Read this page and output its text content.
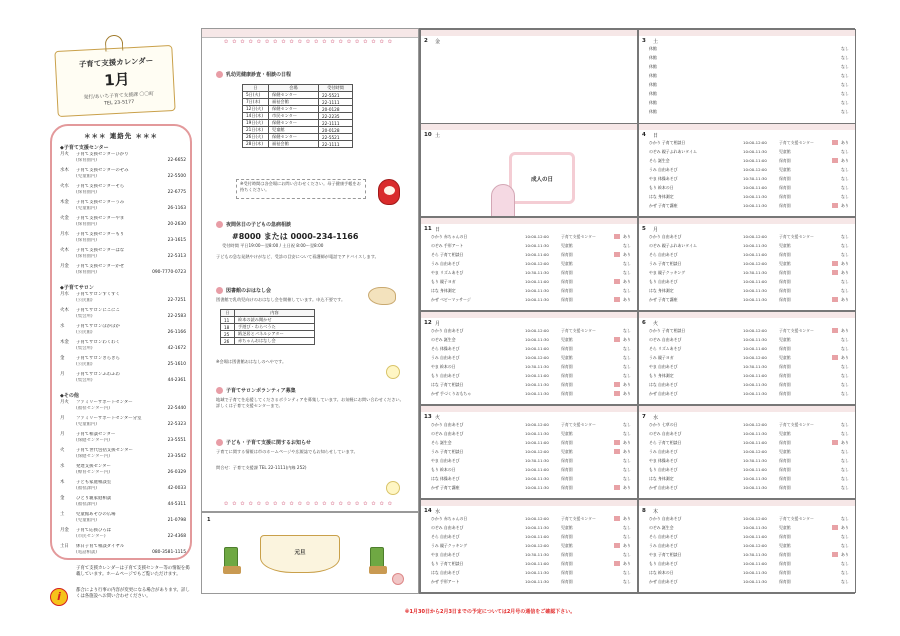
子育て支援カレンダー
1月
発行/あいち子育て支援課 〇〇町
TEL 23-5177
＊＊＊ 連絡先 ＊＊＊
◆子育て支援センター
月火	子育て支援センターひかり
(保育園内)	22-6652
水木	子育て支援センターのぞみ
(児童館内)	22-5500
火水	子育て支援センターそら
(保育園内)	22-6775
木金	子育て支援センターうみ
(児童館内)	26-1163
火金	子育て支援センターやま
(保育園内)	20-2630
月水	子育て支援センターもり
(保育園内)	23-1615
火木	子育て支援センターはな
(保育園内)	22-5313
月金	子育て支援センターかぜ
(保育園内)	090-7770-0723
◆子育てサロン
月水	子育てサロンすくすく
(公民館)	22-7251
火木	子育てサロンにこにこ
(集会所)	22-2583
水	子育てサロンぽかぽか
(公民館)	26-1166
木金	子育てサロンわくわく
(集会所)	42-1672
金	子育てサロンきらきら
(公民館)	25-1610
月	子育てサロンふわふわ
(集会所)	44-2361
◆その他
月火	ファミリーサポートセンター
(福祉センター内)	22-5440
月	ファミリーサポートセンター分室
(児童館内)	22-5323
月	子育て相談センター
(保健センター内)	23-5551
火	子育て世代包括支援センター
(保健センター内)	23-3542
水	発達支援センター
(療育センター内)	26-0329
木	子ども家庭相談室
(福祉課内)	42-0033
金	ひとり親家庭相談
(福祉課内)	44-5311
土	児童館あそびの広場
(児童館内)	21-0798
月金	子育て応援ひろば
(市民センター)	22-4368
土日	休日子育て相談ダイヤル
(電話相談)	080-3581-1115
子育て支援カレンダーは子育て支援センター等の情報を掲載しています。ホームページでもご覧いただけます。
i	都合により行事の内容が変更になる場合があります。詳しくは各施設へお問い合わせください。
✿✿✿✿✿✿✿✿✿✿✿✿✿✿✿✿✿✿✿✿✿
乳幼児健康診査・相談の日程
日	会場	受付時間
5日(火)	保健センター	22-5521
7日(木)	福祉会館	22-1111
12日(火)	保健センター	20-0128
14日(木)	市民センター	22-2235
19日(火)	保健センター	22-1111
21日(木)	児童館	20-0128
26日(火)	保健センター	22-5521
28日(木)	福祉会館	22-1111
※受付時間は各会場にお問い合わせください。母子健康手帳をお持ちください。
夜間休日の子どもの急病相談
#8000 または 0000-234-1166
受付時間 平日19:00〜翌8:00 / 土日祝 8:00〜翌8:00
子どもの急な発熱やけがなど、受診の目安について看護師が電話でアドバイスします。
図書館のおはなし会
図書館で乳幼児向けのおはなし会を開催しています。申込不要です。
日	内容
11	絵本の読み聞かせ
18	手遊び・わらべうた
25	紙芝居とパネルシアター
26	赤ちゃんおはなし会
※会場は図書館おはなしのへやです。
子育てサロンボランティア募集
地域で子育てを応援してくださるボランティアを募集しています。お気軽にお問い合わせください。詳しくは子育て支援センターまで。
子ども・子育て支援に関するお知らせ
子育てに関する情報は市のホームページや広報誌でもお知らせしています。
問合せ：子育て支援課 TEL 22-1111(内線 252)
✿✿✿✿✿✿✿✿✿✿✿✿✿✿✿✿✿✿✿✿✿
1
元旦
2 金	3 土
休館	なし
休館	なし
休館	なし
休館	なし
休館	なし
休館	なし
休館	なし
休館	なし
10 土
成人の日
4 日
ひかり 子育て相談日	10:00-12:00	子育て支援センター	あり
のぞみ 親子ふれあいタイム	10:00-11:30	児童館	なし
そら 誕生会	10:00-11:00	保育園	あり
うみ 自由あそび	10:00-12:00	児童館	なし
やま 体操あそび	10:30-11:30	保育園	なし
もり 絵本の日	10:00-11:00	保育園	なし
はな 身体測定	10:00-11:30	保育園	なし
かぜ 子育て講座	10:00-11:30	保育園	あり
11 日
ひかり 赤ちゃんの日	10:00-12:00	子育て支援センター	あり
のぞみ 手形アート	10:00-11:30	児童館	なし
そら 子育て相談日	10:00-11:00	保育園	あり
うみ 自由あそび	10:00-12:00	児童館	なし
やま リズムあそび	10:30-11:30	保育園	なし
もり 親子ヨガ	10:00-11:00	保育園	あり
はな 身体測定	10:00-11:30	保育園	なし
かぜ ベビーマッサージ	10:00-11:30	保育園	あり
5 月
ひかり 自由あそび	10:00-12:00	子育て支援センター	なし
のぞみ 親子ふれあいタイム	10:00-11:30	児童館	なし
そら 自由あそび	10:00-11:00	保育園	なし
うみ 子育て相談日	10:00-12:00	児童館	あり
やま 親子クッキング	10:30-11:30	保育園	あり
もり 自由あそび	10:00-11:00	保育園	なし
はな 身体測定	10:00-11:30	保育園	なし
かぜ 子育て講座	10:00-11:30	保育園	あり
12 月
ひかり 自由あそび	10:00-12:00	子育て支援センター	なし
のぞみ 誕生会	10:00-11:30	児童館	あり
そら 体操あそび	10:00-11:00	保育園	なし
うみ 自由あそび	10:00-12:00	児童館	なし
やま 絵本の日	10:30-11:30	保育園	なし
もり 自由あそび	10:00-11:00	保育園	なし
はな 子育て相談日	10:00-11:30	保育園	あり
かぜ 手づくりおもちゃ	10:00-11:30	保育園	あり
6 火
ひかり 子育て相談日	10:00-12:00	子育て支援センター	あり
のぞみ 自由あそび	10:00-11:30	児童館	なし
そら リズムあそび	10:00-11:00	保育園	なし
うみ 親子ヨガ	10:00-12:00	児童館	あり
やま 自由あそび	10:30-11:30	保育園	なし
もり 身体測定	10:00-11:00	保育園	なし
はな 自由あそび	10:00-11:30	保育園	なし
かぜ 自由あそび	10:00-11:30	保育園	なし
13 火
ひかり 自由あそび	10:00-12:00	子育て支援センター	なし
のぞみ 自由あそび	10:00-11:30	児童館	なし
そら 誕生会	10:00-11:00	保育園	あり
うみ 子育て相談日	10:00-12:00	児童館	あり
やま 自由あそび	10:30-11:30	保育園	なし
もり 絵本の日	10:00-11:00	保育園	なし
はな 体操あそび	10:00-11:30	保育園	なし
かぜ 子育て講座	10:00-11:30	保育園	あり
7 水
ひかり 七草の日	10:00-12:00	子育て支援センター	なし
のぞみ 自由あそび	10:00-11:30	児童館	なし
そら 子育て相談日	10:00-11:00	保育園	あり
うみ 自由あそび	10:00-12:00	児童館	なし
やま 体操あそび	10:30-11:30	保育園	なし
もり 自由あそび	10:00-11:00	保育園	なし
はな 身体測定	10:00-11:30	保育園	なし
かぜ 自由あそび	10:00-11:30	保育園	なし
14 水
ひかり 赤ちゃんの日	10:00-12:00	子育て支援センター	あり
のぞみ 自由あそび	10:00-11:30	児童館	なし
そら 自由あそび	10:00-11:00	保育園	なし
うみ 親子クッキング	10:00-12:00	児童館	あり
やま 自由あそび	10:30-11:30	保育園	なし
もり 子育て相談日	10:00-11:00	保育園	あり
はな 自由あそび	10:00-11:30	保育園	なし
かぜ 手形アート	10:00-11:30	保育園	なし
8 木
ひかり 自由あそび	10:00-12:00	子育て支援センター	なし
のぞみ 誕生会	10:00-11:30	児童館	あり
そら 自由あそび	10:00-11:00	保育園	なし
うみ 自由あそび	10:00-12:00	児童館	なし
やま 子育て相談日	10:30-11:30	保育園	あり
もり 自由あそび	10:00-11:00	保育園	なし
はな 絵本の日	10:00-11:30	保育園	なし
かぜ 自由あそび	10:00-11:30	保育園	なし
※1月30日から2月3日までの予定については2月号の通信をご確認下さい。
